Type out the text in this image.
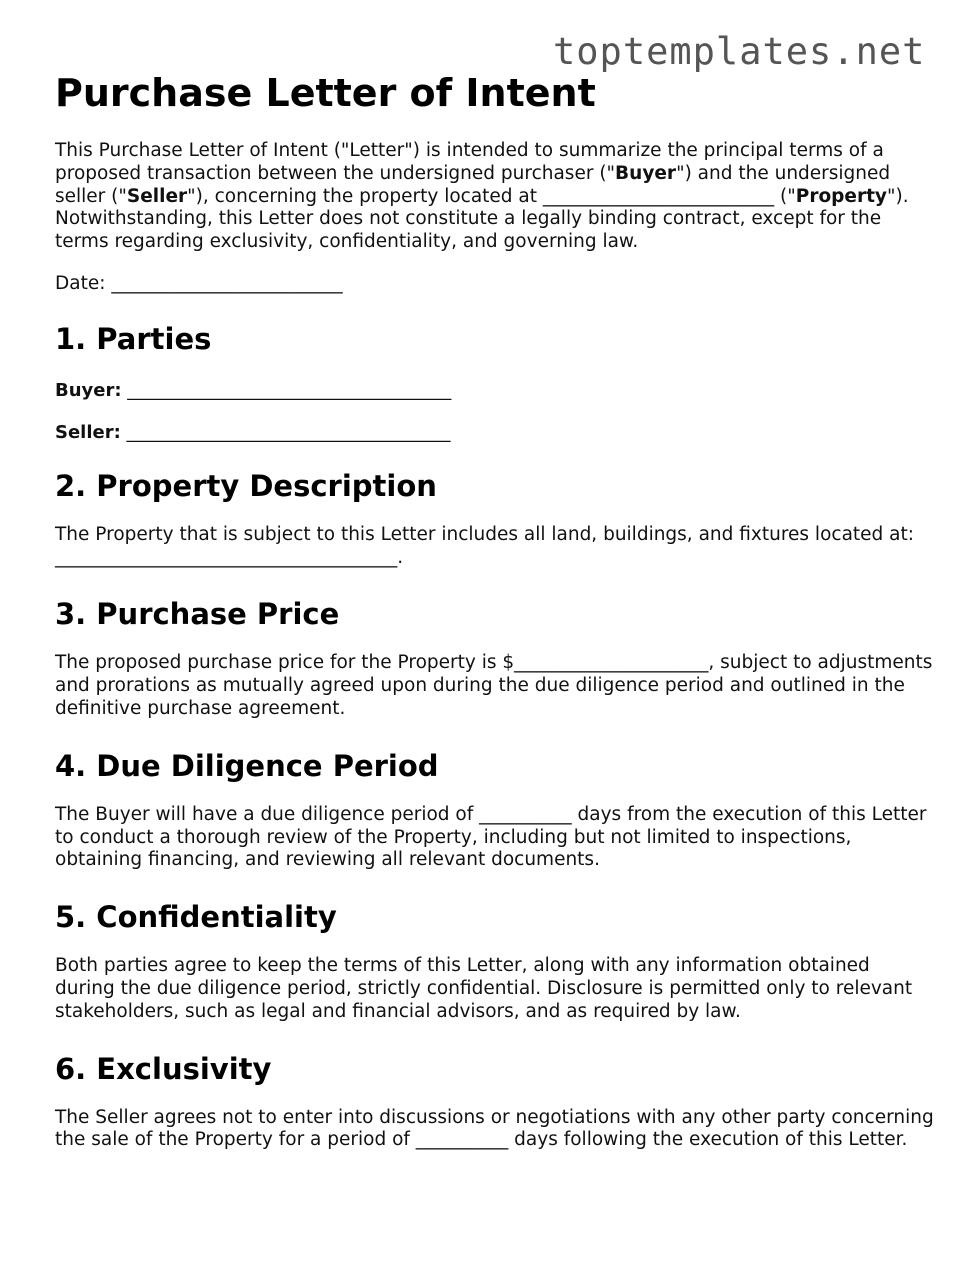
toptemplates.net
Purchase Letter of Intent

This Purchase Letter of Intent ("Letter") is intended to summarize the principal terms of a proposed transaction between the undersigned purchaser ("Buyer") and the undersigned seller ("Seller"), concerning the property located at _________________________ ("Property"). Notwithstanding, this Letter does not constitute a legally binding contract, except for the terms regarding exclusivity, confidentiality, and governing law.

Date: _________________________

1. Parties
Buyer: ____________________________________
Seller: ____________________________________
2. Property Description

The Property that is subject to this Letter includes all land, buildings, and fixtures located at: _____________________________________.

3. Purchase Price

The proposed purchase price for the Property is $_____________________, subject to adjustments and prorations as mutually agreed upon during the due diligence period and outlined in the definitive purchase agreement.

4. Due Diligence Period

The Buyer will have a due diligence period of __________ days from the execution of this Letter to conduct a thorough review of the Property, including but not limited to inspections, obtaining financing, and reviewing all relevant documents.

5. Confidentiality

Both parties agree to keep the terms of this Letter, along with any information obtained during the due diligence period, strictly confidential. Disclosure is permitted only to relevant stakeholders, such as legal and financial advisors, and as required by law.

6. Exclusivity

The Seller agrees not to enter into discussions or negotiations with any other party concerning the sale of the Property for a period of __________ days following the execution of this Letter.
